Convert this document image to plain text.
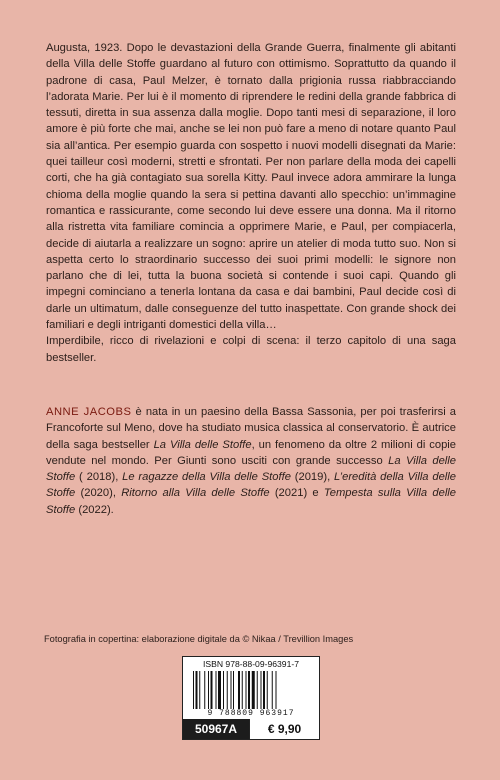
Augusta, 1923. Dopo le devastazioni della Grande Guerra, finalmente gli abitanti della Villa delle Stoffe guardano al futuro con ottimismo. Soprattutto da quando il padrone di casa, Paul Melzer, è tornato dalla prigionia russa riabbracciando l’adorata Marie. Per lui è il momento di riprendere le redini della grande fabbrica di tessuti, diretta in sua assenza dalla moglie. Dopo tanti mesi di separazione, il loro amore è più forte che mai, anche se lei non può fare a meno di notare quanto Paul sia all’antica. Per esempio guarda con sospetto i nuovi modelli disegnati da Marie: quei tailleur così moderni, stretti e sfrontati. Per non parlare della moda dei capelli corti, che ha già contagiato sua sorella Kitty. Paul invece adora ammirare la lunga chioma della moglie quando la sera si pettina davanti allo specchio: un’immagine romantica e rassicurante, come secondo lui deve essere una donna. Ma il ritorno alla ristretta vita familiare comincia a opprimere Marie, e Paul, per compiacerla, decide di aiutarla a realizzare un sogno: aprire un atelier di moda tutto suo. Non si aspetta certo lo straordinario successo dei suoi primi modelli: le signore non parlano che di lei, tutta la buona società si contende i suoi capi. Quando gli impegni cominciano a tenerla lontana da casa e dai bambini, Paul decide così di darle un ultimatum, dalle conseguenze del tutto inaspettate. Con grande shock dei familiari e degli intriganti domestici della villa…

Imperdibile, ricco di rivelazioni e colpi di scena: il terzo capitolo di una saga bestseller.

ANNE JACOBS è nata in un paesino della Bassa Sassonia, per poi trasferirsi a Francoforte sul Meno, dove ha studiato musica classica al conservatorio. È autrice della saga bestseller La Villa delle Stoffe, un fenomeno da oltre 2 milioni di copie vendute nel mondo. Per Giunti sono usciti con grande successo La Villa delle Stoffe ( 2018), Le ragazze della Villa delle Stoffe (2019), L’eredità della Villa delle Stoffe (2020), Ritorno alla Villa delle Stoffe (2021) e Tempesta sulla Villa delle Stoffe (2022).
Fotografia in copertina: elaborazione digitale da © Nikaa / Trevillion Images
ISBN 978-88-09-96391-7
9 788809 963917
50967A	€ 9,90
